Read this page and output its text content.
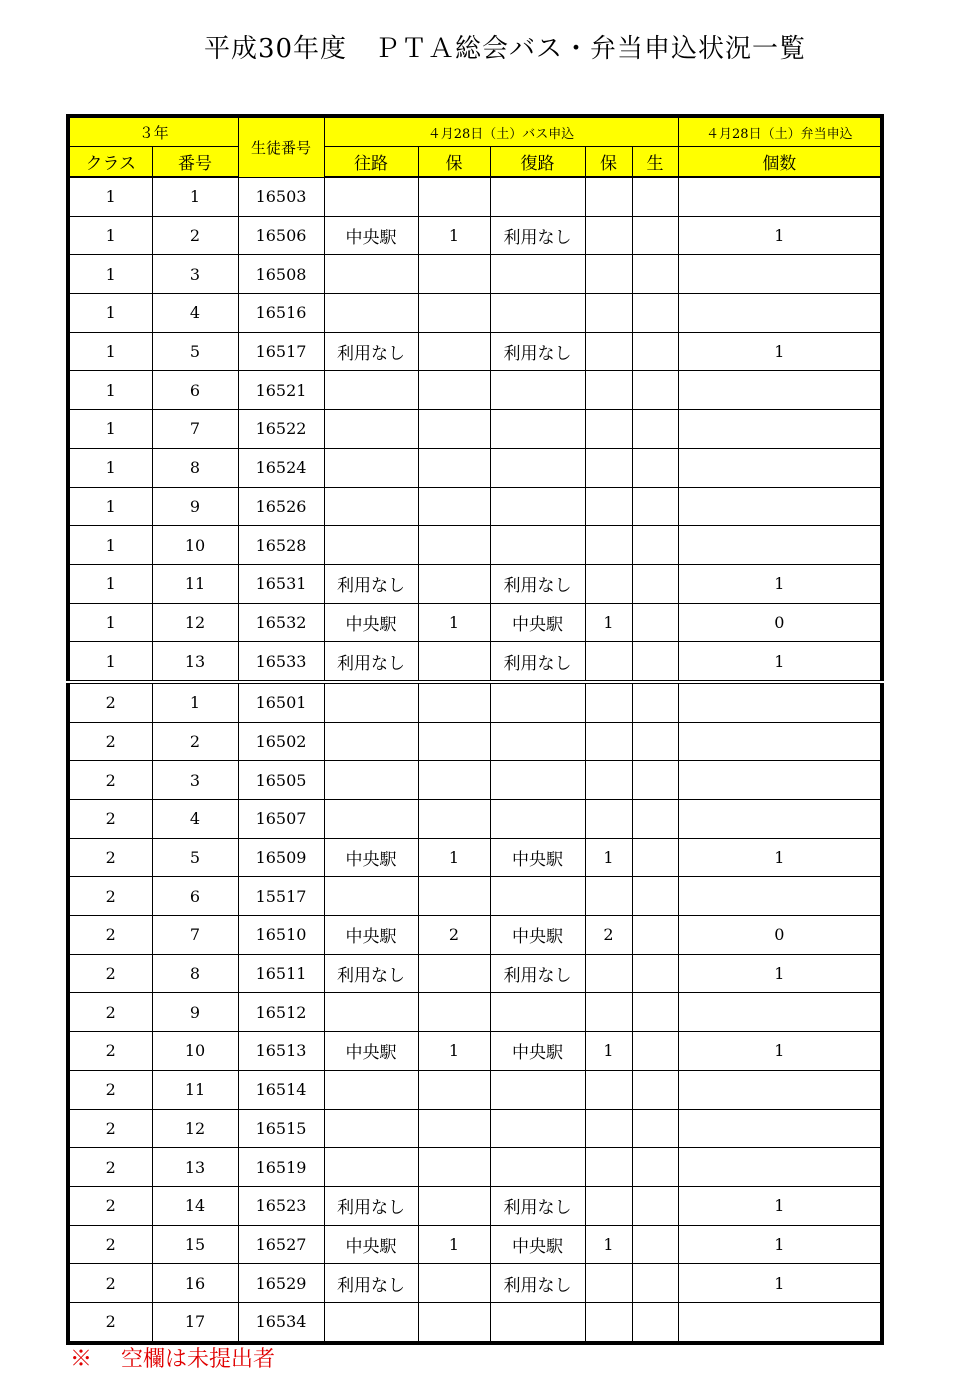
平成30年度　ＰＴＡ総会バス・弁当申込状況一覧
３年		生徒番号	４月28日（土）バス申込					４月28日（土）弁当申込
クラス	番号		往路	保	復路	保	生	個数
1	1	16503						
1	2	16506	中央駅	1	利用なし			1
1	3	16508						
1	4	16516						
1	5	16517	利用なし		利用なし			1
1	6	16521						
1	7	16522						
1	8	16524						
1	9	16526						
1	10	16528						
1	11	16531	利用なし		利用なし			1
1	12	16532	中央駅	1	中央駅	1		0
1	13	16533	利用なし		利用なし			1
2	1	16501						
2	2	16502						
2	3	16505						
2	4	16507						
2	5	16509	中央駅	1	中央駅	1		1
2	6	15517						
2	7	16510	中央駅	2	中央駅	2		0
2	8	16511	利用なし		利用なし			1
2	9	16512						
2	10	16513	中央駅	1	中央駅	1		1
2	11	16514						
2	12	16515						
2	13	16519						
2	14	16523	利用なし		利用なし			1
2	15	16527	中央駅	1	中央駅	1		1
2	16	16529	利用なし		利用なし			1
2	17	16534						
※　 空欄は未提出者
